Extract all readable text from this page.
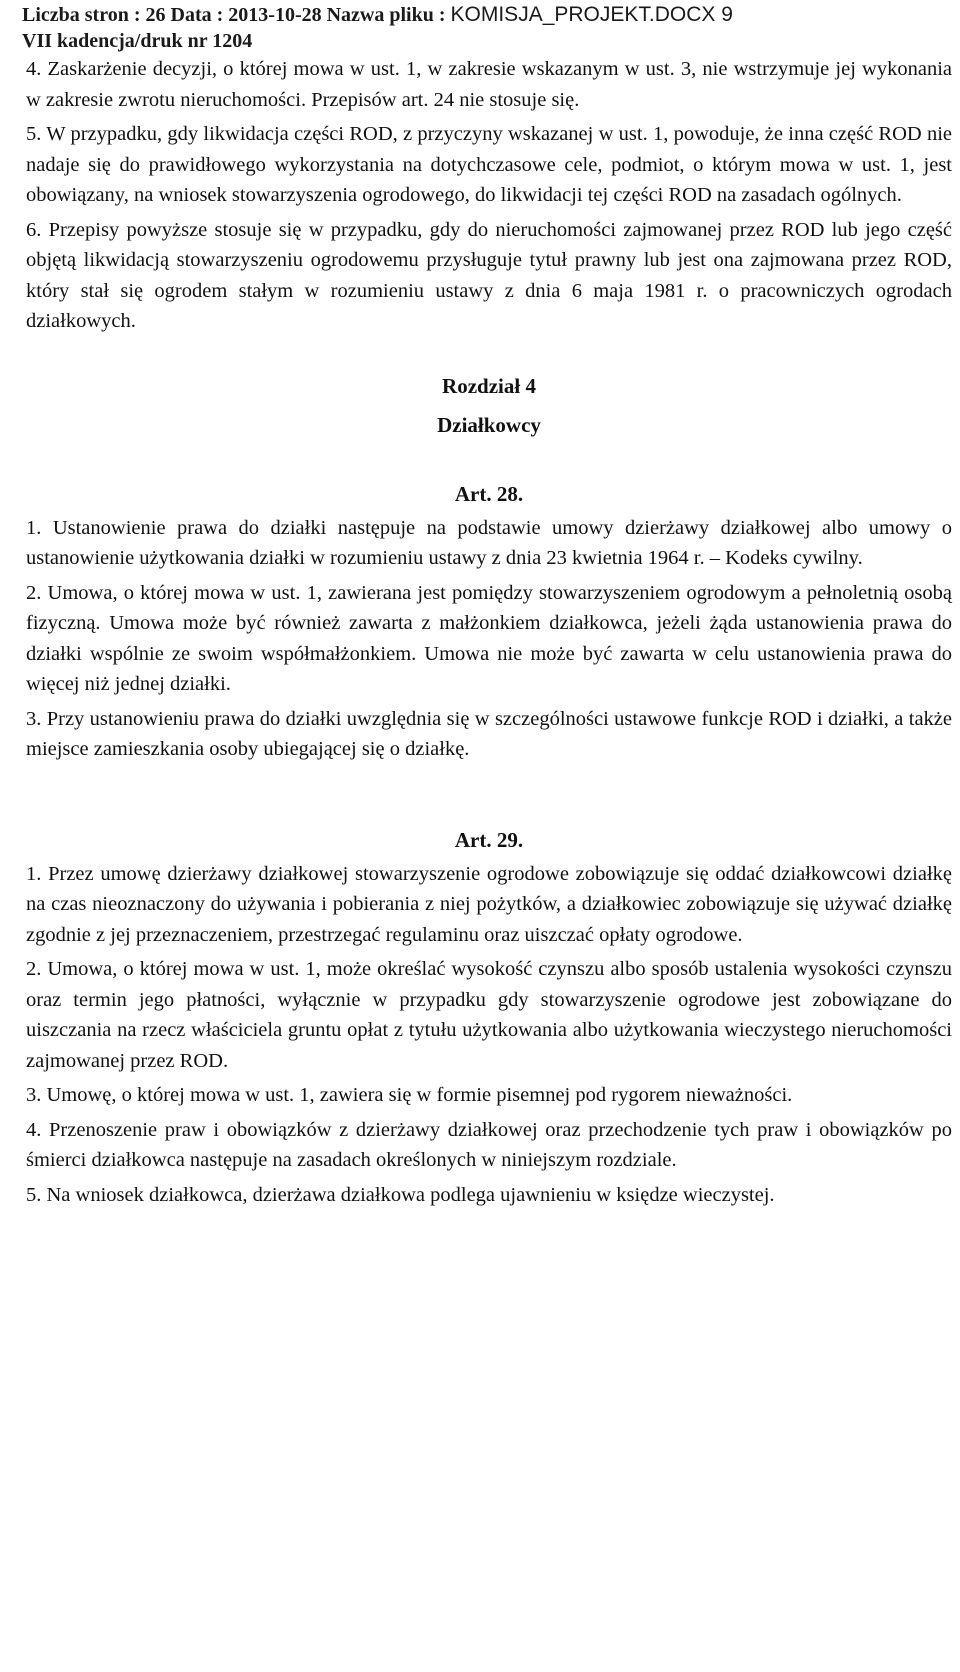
Liczba stron : 26 Data : 2013-10-28 Nazwa pliku : KOMISJA_PROJEKT.DOCX 9
VII kadencja/druk nr 1204

4. Zaskarżenie decyzji, o której mowa w ust. 1, w zakresie wskazanym w ust. 3, nie wstrzymuje jej wykonania w zakresie zwrotu nieruchomości. Przepisów art. 24 nie stosuje się.

5. W przypadku, gdy likwidacja części ROD, z przyczyny wskazanej w ust. 1, powoduje, że inna część ROD nie nadaje się do prawidłowego wykorzystania na dotychczasowe cele, podmiot, o którym mowa w ust. 1, jest obowiązany, na wniosek stowarzyszenia ogrodowego, do likwidacji tej części ROD na zasadach ogólnych.

6. Przepisy powyższe stosuje się w przypadku, gdy do nieruchomości zajmowanej przez ROD lub jego część objętą likwidacją stowarzyszeniu ogrodowemu przysługuje tytuł prawny lub jest ona zajmowana przez ROD, który stał się ogrodem stałym w rozumieniu ustawy z dnia 6 maja 1981 r. o pracowniczych ogrodach działkowych.

Rozdział 4

Działkowcy

Art. 28.

1. Ustanowienie prawa do działki następuje na podstawie umowy dzierżawy działkowej albo umowy o ustanowienie użytkowania działki w rozumieniu ustawy z dnia 23 kwietnia 1964 r. – Kodeks cywilny.

2. Umowa, o której mowa w ust. 1, zawierana jest pomiędzy stowarzyszeniem ogrodowym a pełnoletnią osobą fizyczną. Umowa może być również zawarta z małżonkiem działkowca, jeżeli żąda ustanowienia prawa do działki wspólnie ze swoim współmałżonkiem. Umowa nie może być zawarta w celu ustanowienia prawa do więcej niż jednej działki.

3. Przy ustanowieniu prawa do działki uwzględnia się w szczególności ustawowe funkcje ROD i działki, a także miejsce zamieszkania osoby ubiegającej się o działkę.

Art. 29.

1. Przez umowę dzierżawy działkowej stowarzyszenie ogrodowe zobowiązuje się oddać działkowcowi działkę na czas nieoznaczony do używania i pobierania z niej pożytków, a działkowiec zobowiązuje się używać działkę zgodnie z jej przeznaczeniem, przestrzegać regulaminu oraz uiszczać opłaty ogrodowe.

2. Umowa, o której mowa w ust. 1, może określać wysokość czynszu albo sposób ustalenia wysokości czynszu oraz termin jego płatności, wyłącznie w przypadku gdy stowarzyszenie ogrodowe jest zobowiązane do uiszczania na rzecz właściciela gruntu opłat z tytułu użytkowania albo użytkowania wieczystego nieruchomości zajmowanej przez ROD.

3. Umowę, o której mowa w ust. 1, zawiera się w formie pisemnej pod rygorem nieważności.

4. Przenoszenie praw i obowiązków z dzierżawy działkowej oraz przechodzenie tych praw i obowiązków po śmierci działkowca następuje na zasadach określonych w niniejszym rozdziale.

5. Na wniosek działkowca, dzierżawa działkowa podlega ujawnieniu w księdze wieczystej.
